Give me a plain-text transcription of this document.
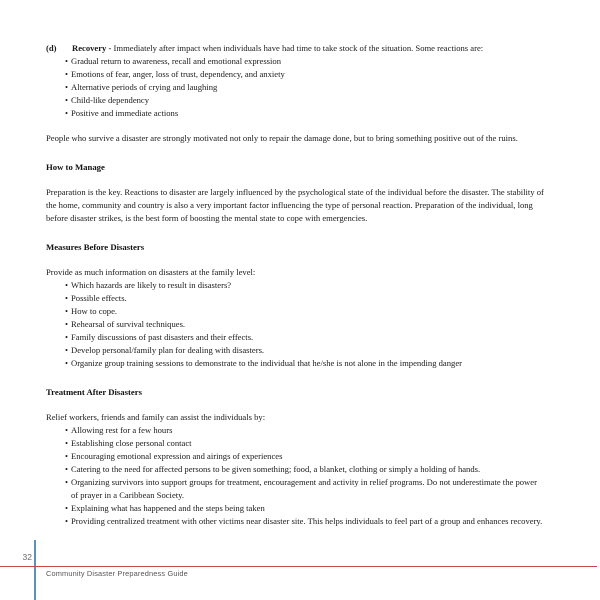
(d) Recovery - Immediately after impact when individuals have had time to take stock of the situation. Some reactions are:
• Gradual return to awareness, recall and emotional expression
• Emotions of fear, anger, loss of trust, dependency, and anxiety
• Alternative periods of crying and laughing
• Child-like dependency
• Positive and immediate actions

People who survive a disaster are strongly motivated not only to repair the damage done, but to bring something positive out of the ruins.

How to Manage

Preparation is the key. Reactions to disaster are largely influenced by the psychological state of the individual before the disaster. The stability of the home, community and country is also a very important factor influencing the type of personal reaction. Preparation of the individual, long before disaster strikes, is the best form of boosting the mental state to cope with emergencies.

Measures Before Disasters

Provide as much information on disasters at the family level:

• Which hazards are likely to result in disasters?
• Possible effects.
• How to cope.
• Rehearsal of survival techniques.
• Family discussions of past disasters and their effects.
• Develop personal/family plan for dealing with disasters.
• Organize group training sessions to demonstrate to the individual that he/she is not alone in the impending danger
Treatment After Disasters

Relief workers, friends and family can assist the individuals by:

• Allowing rest for a few hours
• Establishing close personal contact
• Encouraging emotional expression and airings of experiences
• Catering to the need for affected persons to be given something; food, a blanket, clothing or simply a holding of hands.
• Organizing survivors into support groups for treatment, encouragement and activity in relief programs. Do not underestimate the power of prayer in a Caribbean Society.
• Explaining what has happened and the steps being taken
• Providing centralized treatment with other victims near disaster site. This helps individuals to feel part of a group and enhances recovery.
32
Community Disaster Preparedness Guide
